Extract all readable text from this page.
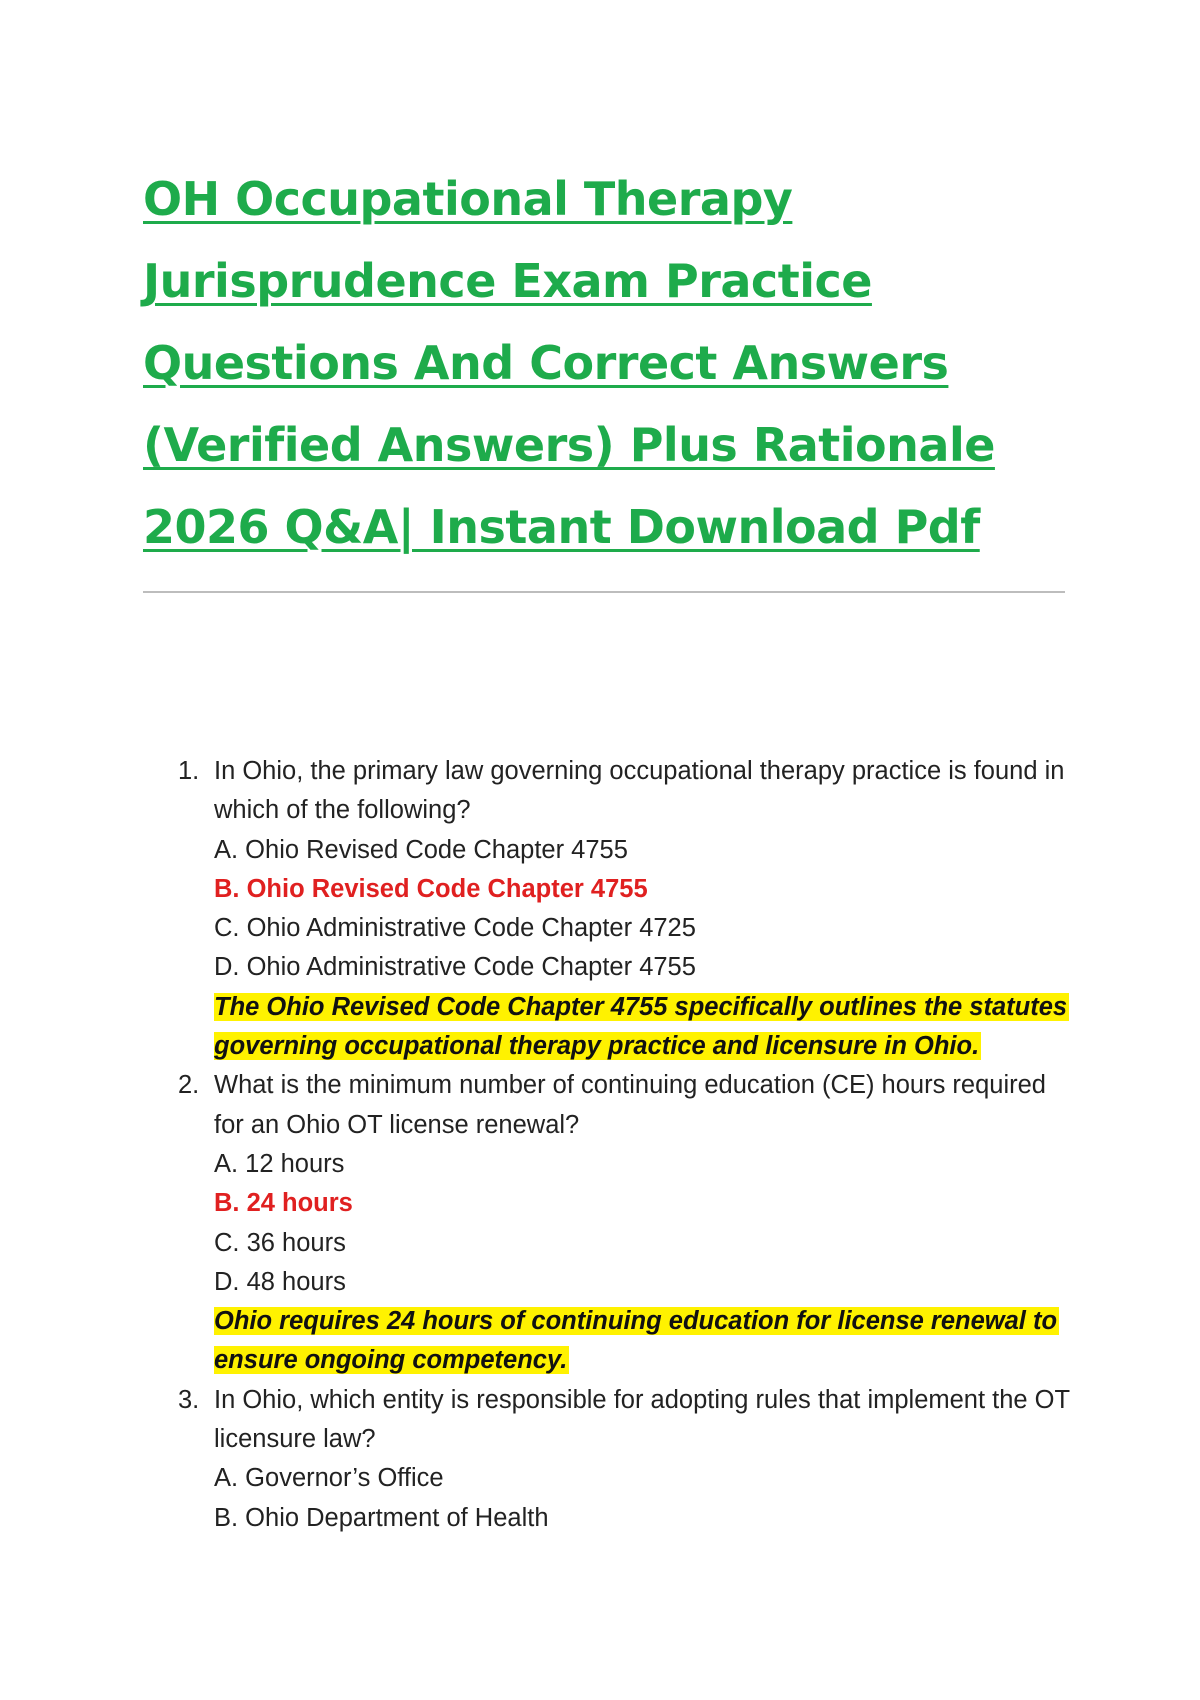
OH Occupational Therapy Jurisprudence Exam Practice Questions And Correct Answers (Verified Answers) Plus Rationale 2026 Q&A| Instant Download Pdf
1. In Ohio, the primary law governing occupational therapy practice is found in which of the following?
A. Ohio Revised Code Chapter 4755
B. Ohio Revised Code Chapter 4755
C. Ohio Administrative Code Chapter 4725
D. Ohio Administrative Code Chapter 4755
The Ohio Revised Code Chapter 4755 specifically outlines the statutes governing occupational therapy practice and licensure in Ohio.
2. What is the minimum number of continuing education (CE) hours required for an Ohio OT license renewal?
A. 12 hours
B. 24 hours
C. 36 hours
D. 48 hours
Ohio requires 24 hours of continuing education for license renewal to ensure ongoing competency.
3. In Ohio, which entity is responsible for adopting rules that implement the OT licensure law?
A. Governor’s Office
B. Ohio Department of Health
